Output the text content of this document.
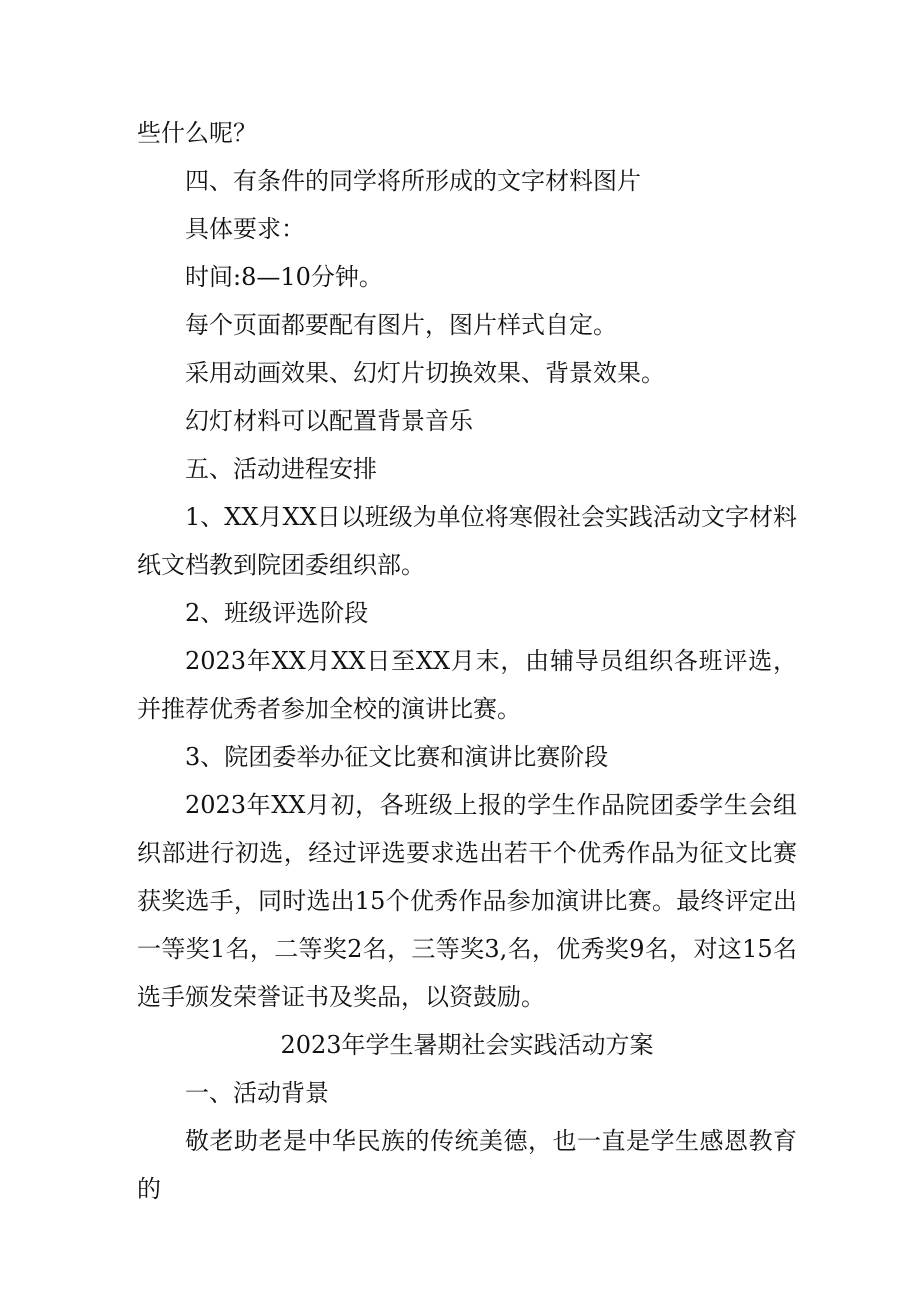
些什么呢？

四、有条件的同学将所形成的文字材料图片

具体要求：

时间:8—10分钟。

每个页面都要配有图片，图片样式自定。

采用动画效果、幻灯片切换效果、背景效果。

幻灯材料可以配置背景音乐

五、活动进程安排

1、XX月XX日以班级为单位将寒假社会实践活动文字材料纸文档教到院团委组织部。

2、班级评选阶段

2023年XX月XX日至XX月末，由辅导员组织各班评选，并推荐优秀者参加全校的演讲比赛。

3、院团委举办征文比赛和演讲比赛阶段

2023年XX月初，各班级上报的学生作品院团委学生会组织部进行初选，经过评选要求选出若干个优秀作品为征文比赛获奖选手，同时选出15个优秀作品参加演讲比赛。最终评定出一等奖1名，二等奖2名，三等奖3,名，优秀奖9名，对这15名选手颁发荣誉证书及奖品，以资鼓励。

2023年学生暑期社会实践活动方案

一、活动背景

敬老助老是中华民族的传统美德，也一直是学生感恩教育的
